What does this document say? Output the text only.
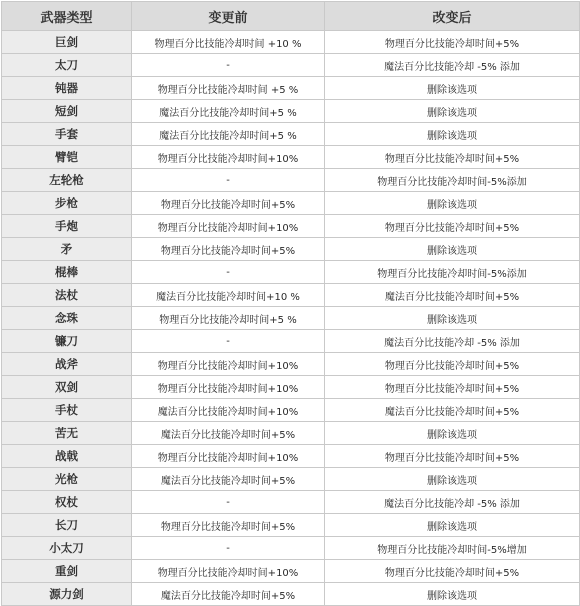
武器类型	变更前	改变后
巨剑	物理百分比技能冷却时间 +10 %	物理百分比技能冷却时间+5%
太刀	-	魔法百分比技能冷却 -5% 添加
钝器	物理百分比技能冷却时间 +5 %	删除该选项
短剑	魔法百分比技能冷却时间+5 %	删除该选项
手套	魔法百分比技能冷却时间+5 %	删除该选项
臂铠	物理百分比技能冷却时间+10%	物理百分比技能冷却时间+5%
左轮枪	-	物理百分比技能冷却时间-5%添加
步枪	物理百分比技能冷却时间+5%	删除该选项
手炮	物理百分比技能冷却时间+10%	物理百分比技能冷却时间+5%
矛	物理百分比技能冷却时间+5%	删除该选项
棍棒	-	物理百分比技能冷却时间-5%添加
法杖	魔法百分比技能冷却时间+10 %	魔法百分比技能冷却时间+5%
念珠	物理百分比技能冷却时间+5 %	删除该选项
镰刀	-	魔法百分比技能冷却 -5% 添加
战斧	物理百分比技能冷却时间+10%	物理百分比技能冷却时间+5%
双剑	物理百分比技能冷却时间+10%	物理百分比技能冷却时间+5%
手杖	魔法百分比技能冷却时间+10%	魔法百分比技能冷却时间+5%
苦无	魔法百分比技能冷却时间+5%	删除该选项
战戟	物理百分比技能冷却时间+10%	物理百分比技能冷却时间+5%
光枪	魔法百分比技能冷却时间+5%	删除该选项
权杖	-	魔法百分比技能冷却 -5% 添加
长刀	物理百分比技能冷却时间+5%	删除该选项
小太刀	-	物理百分比技能冷却时间-5%增加
重剑	物理百分比技能冷却时间+10%	物理百分比技能冷却时间+5%
源力剑	魔法百分比技能冷却时间+5%	删除该选项
